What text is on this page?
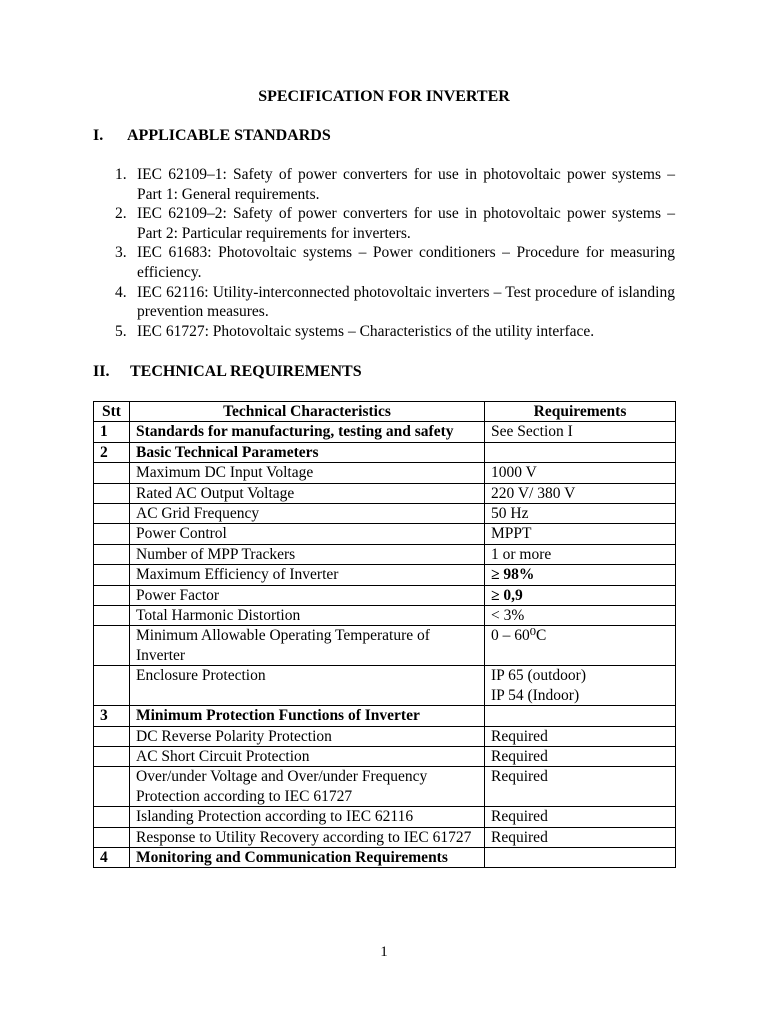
SPECIFICATION FOR INVERTER
I. APPLICABLE STANDARDS
1. IEC 62109–1: Safety of power converters for use in photovoltaic power systems – Part 1: General requirements.
2. IEC 62109–2: Safety of power converters for use in photovoltaic power systems – Part 2: Particular requirements for inverters.
3. IEC 61683: Photovoltaic systems – Power conditioners – Procedure for measuring efficiency.
4. IEC 62116: Utility-interconnected photovoltaic inverters – Test procedure of islanding prevention measures.
5. IEC 61727: Photovoltaic systems – Characteristics of the utility interface.
II. TECHNICAL REQUIREMENTS
Stt	Technical Characteristics	Requirements
1	Standards for manufacturing, testing and safety	See Section I
2	Basic Technical Parameters	
	Maximum DC Input Voltage	1000 V
	Rated AC Output Voltage	220 V/ 380 V
	AC Grid Frequency	50 Hz
	Power Control	MPPT
	Number of MPP Trackers	1 or more
	Maximum Efficiency of Inverter	≥ 98%
	Power Factor	≥ 0,9
	Total Harmonic Distortion	< 3%
	Minimum Allowable Operating Temperature of Inverter	0 – 60⁰C
	Enclosure Protection	IP 65 (outdoor)
IP 54 (Indoor)

3	Minimum Protection Functions of Inverter	
	DC Reverse Polarity Protection	Required
	AC Short Circuit Protection	Required
	Over/under Voltage and Over/under Frequency Protection according to IEC 61727	Required
	Islanding Protection according to IEC 62116	Required
	Response to Utility Recovery according to IEC 61727	Required
4	Monitoring and Communication Requirements	
1
